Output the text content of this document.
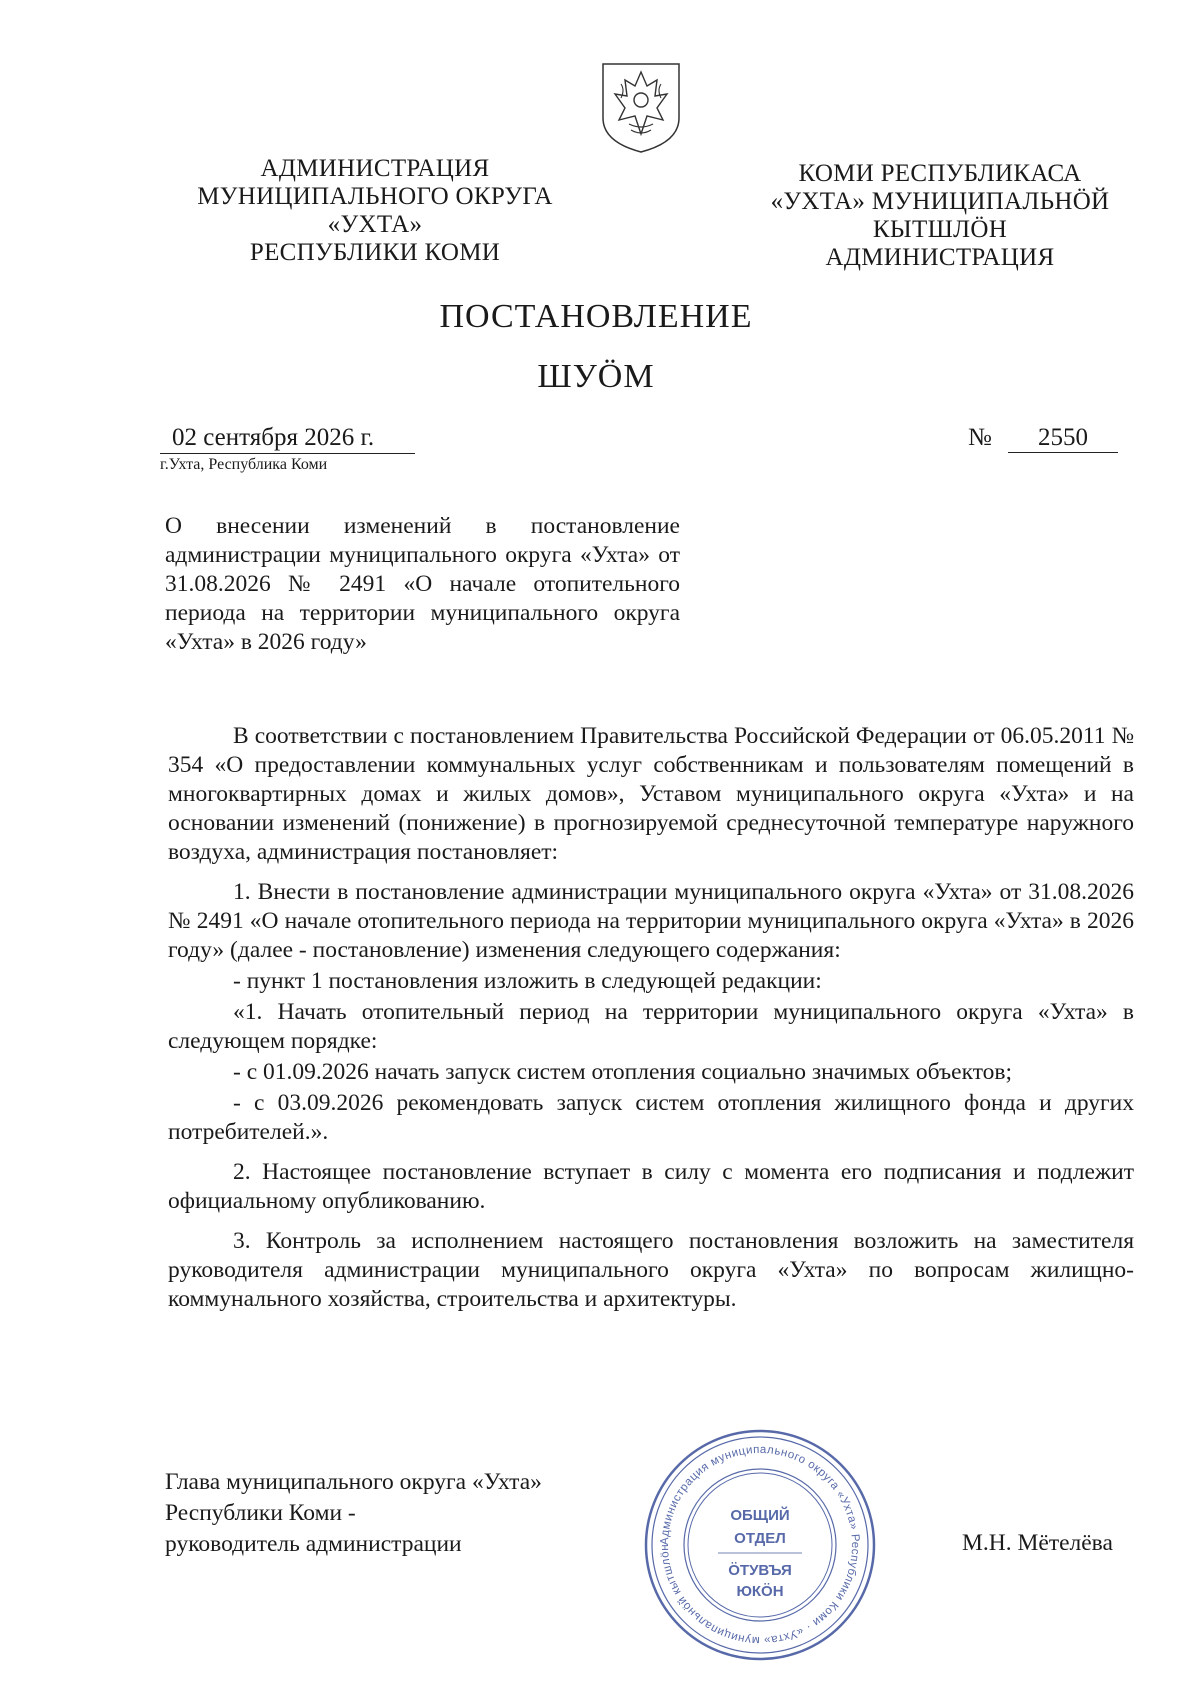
АДМИНИСТРАЦИЯ
МУНИЦИПАЛЬНОГО ОКРУГА
«УХТА»
РЕСПУБЛИКИ КОМИ
КОМИ РЕСПУБЛИКАСА
«УХТА» МУНИЦИПАЛЬНÖЙ
КЫТШЛÖН
АДМИНИСТРАЦИЯ
ПОСТАНОВЛЕНИЕ
ШУÖМ
02 сентября 2026 г.
г.Ухта, Республика Коми
№ 2550
О внесении изменений в постановление администрации муниципального округа «Ухта» от 31.08.2026 № 2491 «О начале отопительного периода на территории муниципального округа «Ухта» в 2026 году»

В соответствии с постановлением Правительства Российской Федерации от 06.05.2011 № 354 «О предоставлении коммунальных услуг собственникам и пользователям помещений в многоквартирных домах и жилых домов», Уставом муниципального округа «Ухта» и на основании изменений (понижение) в прогнозируемой среднесуточной температуре наружного воздуха, администрация постановляет:

1. Внести в постановление администрации муниципального округа «Ухта» от 31.08.2026 № 2491 «О начале отопительного периода на территории муниципального округа «Ухта» в 2026 году» (далее - постановление) изменения следующего содержания:

- пункт 1 постановления изложить в следующей редакции:

«1. Начать отопительный период на территории муниципального округа «Ухта» в следующем порядке:

- с 01.09.2026 начать запуск систем отопления социально значимых объектов;

- с 03.09.2026 рекомендовать запуск систем отопления жилищного фонда и других потребителей.».

2. Настоящее постановление вступает в силу с момента его подписания и подлежит официальному опубликованию.

3. Контроль за исполнением настоящего постановления возложить на заместителя руководителя администрации муниципального округа «Ухта» по вопросам жилищно-коммунального хозяйства, строительства и архитектуры.

Глава муниципального округа «Ухта»
Республики Коми -
руководитель администрации	М.Н. Мётелёва
Администрация муниципального округа «Ухта» Республики Коми · «Ухта» муниципальнӧй кытшлӧн
ОБЩИЙ
ОТДЕЛ
ÖТУВЪЯ
ЮКÖН
